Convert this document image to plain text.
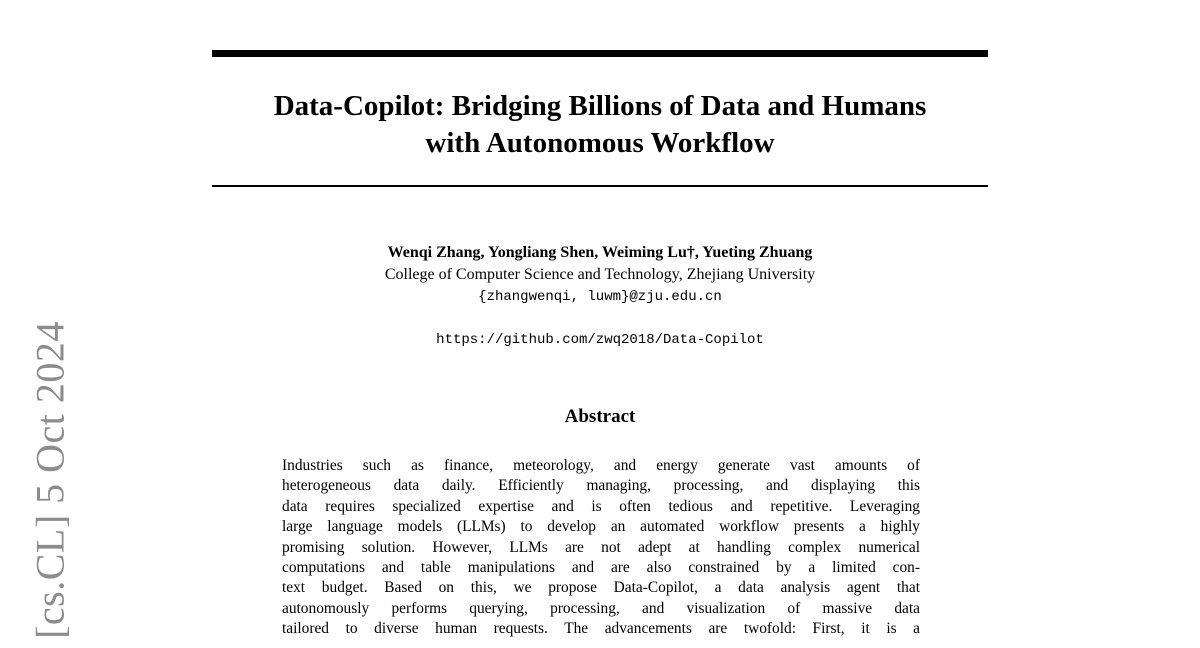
[cs.CL] 5 Oct 2024
Data-Copilot: Bridging Billions of Data and Humans
with Autonomous Workflow
Wenqi Zhang, Yongliang Shen, Weiming Lu†, Yueting Zhuang
College of Computer Science and Technology, Zhejiang University
{zhangwenqi, luwm}@zju.edu.cn
https://github.com/zwq2018/Data-Copilot
Abstract
Industries such as finance, meteorology, and energy generate vast amounts of
heterogeneous data daily. Efficiently managing, processing, and displaying this
data requires specialized expertise and is often tedious and repetitive. Leveraging
large language models (LLMs) to develop an automated workflow presents a highly
promising solution. However, LLMs are not adept at handling complex numerical
computations and table manipulations and are also constrained by a limited con-
text budget. Based on this, we propose Data-Copilot, a data analysis agent that
autonomously performs querying, processing, and visualization of massive data
tailored to diverse human requests. The advancements are twofold: First, it is a
